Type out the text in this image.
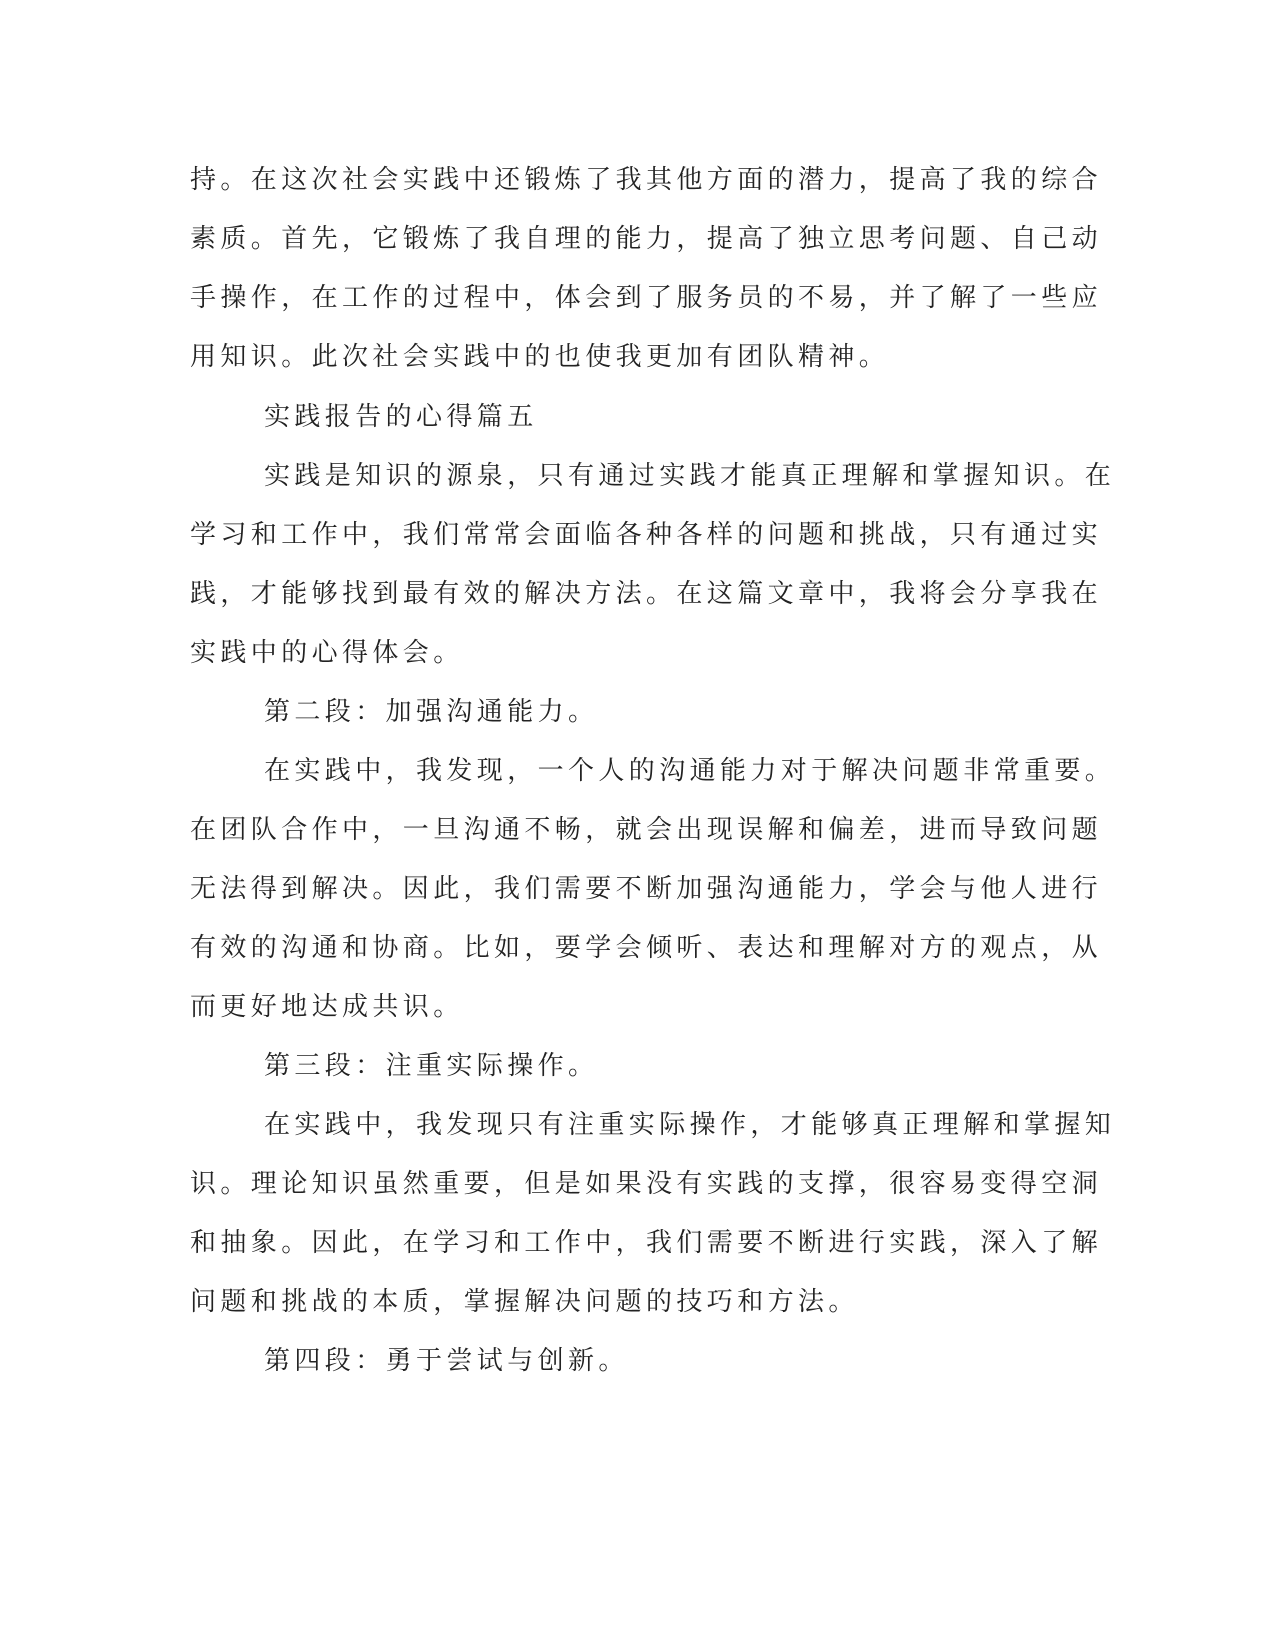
持。在这次社会实践中还锻炼了我其他方面的潜力，提高了我的综合
素质。首先，它锻炼了我自理的能力，提高了独立思考问题、自己动
手操作，在工作的过程中，体会到了服务员的不易，并了解了一些应
用知识。此次社会实践中的也使我更加有团队精神。
实践报告的心得篇五
实践是知识的源泉，只有通过实践才能真正理解和掌握知识。在
学习和工作中，我们常常会面临各种各样的问题和挑战，只有通过实
践，才能够找到最有效的解决方法。在这篇文章中，我将会分享我在
实践中的心得体会。
第二段：加强沟通能力。
在实践中，我发现，一个人的沟通能力对于解决问题非常重要。
在团队合作中，一旦沟通不畅，就会出现误解和偏差，进而导致问题
无法得到解决。因此，我们需要不断加强沟通能力，学会与他人进行
有效的沟通和协商。比如，要学会倾听、表达和理解对方的观点，从
而更好地达成共识。
第三段：注重实际操作。
在实践中，我发现只有注重实际操作，才能够真正理解和掌握知
识。理论知识虽然重要，但是如果没有实践的支撑，很容易变得空洞
和抽象。因此，在学习和工作中，我们需要不断进行实践，深入了解
问题和挑战的本质，掌握解决问题的技巧和方法。
第四段：勇于尝试与创新。
